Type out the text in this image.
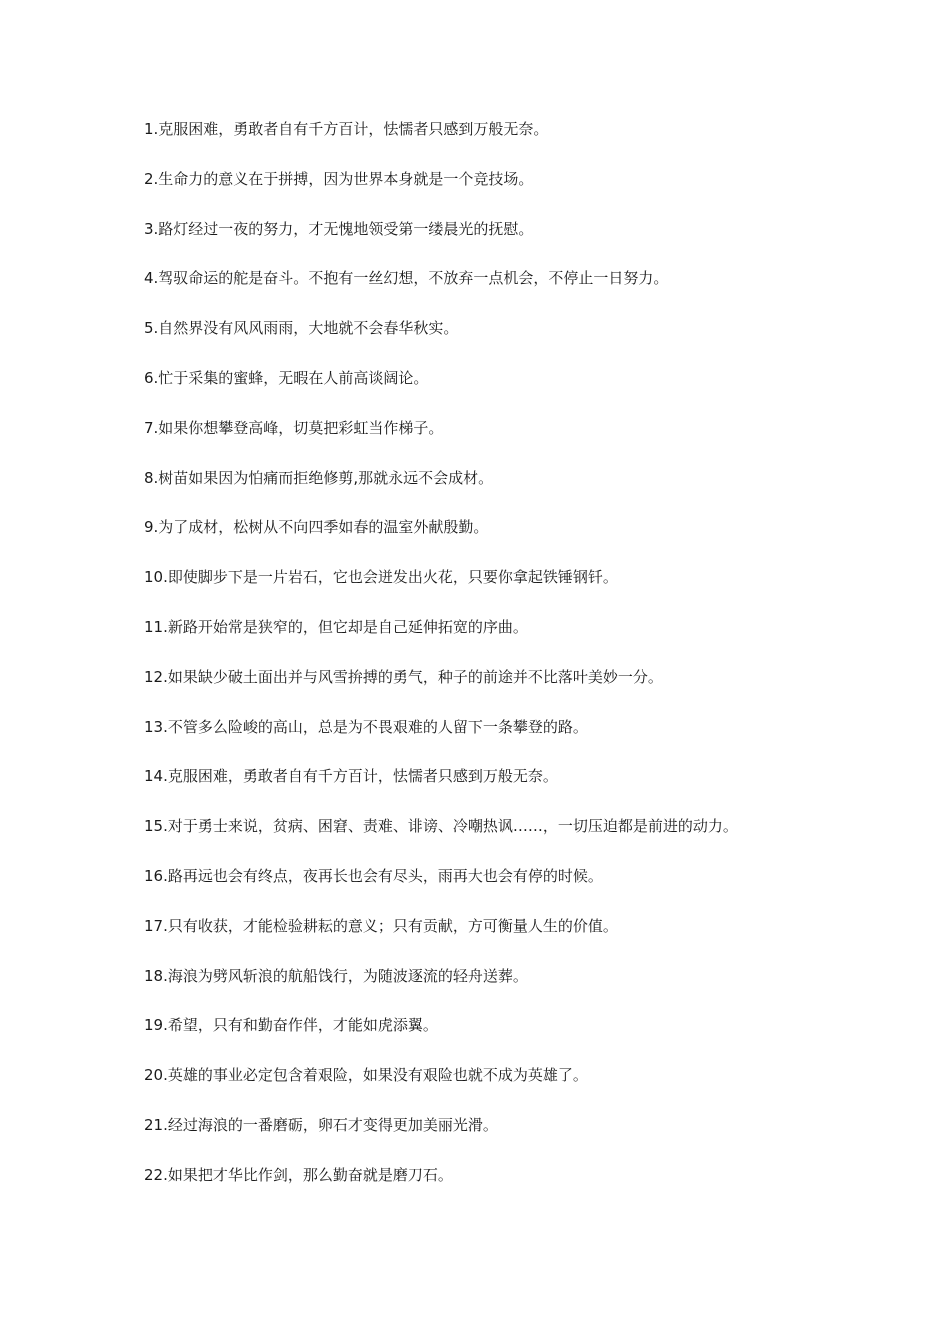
1.克服困难，勇敢者自有千方百计，怯懦者只感到万般无奈。
2.生命力的意义在于拼搏，因为世界本身就是一个竞技场。
3.路灯经过一夜的努力，才无愧地领受第一缕晨光的抚慰。
4.驾驭命运的舵是奋斗。不抱有一丝幻想，不放弃一点机会，不停止一日努力。
5.自然界没有风风雨雨，大地就不会春华秋实。
6.忙于采集的蜜蜂，无暇在人前高谈阔论。
7.如果你想攀登高峰，切莫把彩虹当作梯子。
8.树苗如果因为怕痛而拒绝修剪,那就永远不会成材。
9.为了成材，松树从不向四季如春的温室外献殷勤。
10.即使脚步下是一片岩石，它也会迸发出火花，只要你拿起铁锤钢钎。
11.新路开始常是狭窄的，但它却是自己延伸拓宽的序曲。
12.如果缺少破土面出并与风雪拚搏的勇气，种子的前途并不比落叶美妙一分。
13.不管多么险峻的高山，总是为不畏艰难的人留下一条攀登的路。
14.克服困难，勇敢者自有千方百计，怯懦者只感到万般无奈。
15.对于勇士来说，贫病、困窘、责难、诽谤、冷嘲热讽……，一切压迫都是前进的动力。
16.路再远也会有终点，夜再长也会有尽头，雨再大也会有停的时候。
17.只有收获，才能检验耕耘的意义；只有贡献，方可衡量人生的价值。
18.海浪为劈风斩浪的航船饯行，为随波逐流的轻舟送葬。
19.希望，只有和勤奋作伴，才能如虎添翼。
20.英雄的事业必定包含着艰险，如果没有艰险也就不成为英雄了。
21.经过海浪的一番磨砺，卵石才变得更加美丽光滑。
22.如果把才华比作剑，那么勤奋就是磨刀石。
